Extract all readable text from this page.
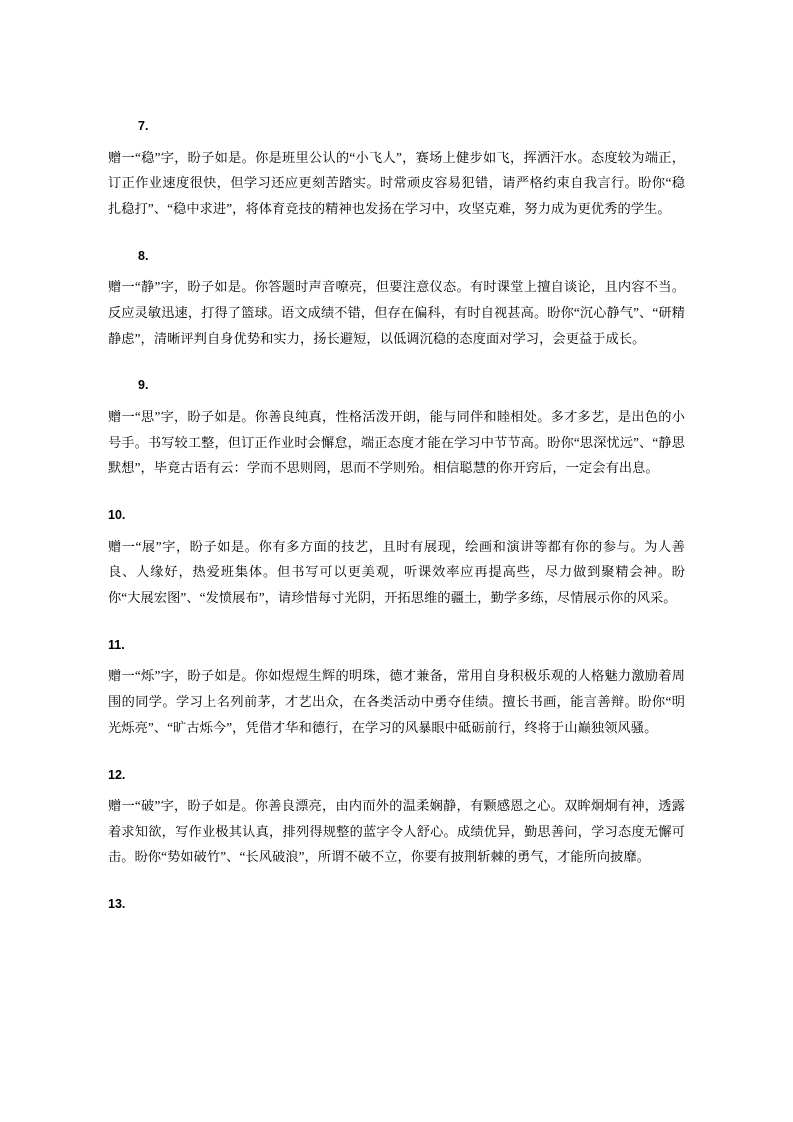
7.
赠一“稳”字，盼子如是。你是班里公认的“小飞人”，赛场上健步如飞，挥洒汗水。态度较为端正，订正作业速度很快，但学习还应更刻苦踏实。时常顽皮容易犯错，请严格约束自我言行。盼你“稳扎稳打”、“稳中求进”，将体育竞技的精神也发扬在学习中，攻坚克难，努力成为更优秀的学生。
8.
赠一“静”字，盼子如是。你答题时声音嘹亮，但要注意仪态。有时课堂上擅自谈论，且内容不当。反应灵敏迅速，打得了篮球。语文成绩不错，但存在偏科，有时自视甚高。盼你“沉心静气”、“研精静虑”，清晰评判自身优势和实力，扬长避短，以低调沉稳的态度面对学习，会更益于成长。
9.
赠一“思”字，盼子如是。你善良纯真，性格活泼开朗，能与同伴和睦相处。多才多艺，是出色的小号手。书写较工整，但订正作业时会懈怠，端正态度才能在学习中节节高。盼你“思深忧远”、“静思默想”，毕竟古语有云：学而不思则罔，思而不学则殆。相信聪慧的你开窍后，一定会有出息。
10.
赠一“展”字，盼子如是。你有多方面的技艺，且时有展现，绘画和演讲等都有你的参与。为人善良、人缘好，热爱班集体。但书写可以更美观，听课效率应再提高些，尽力做到聚精会神。盼你“大展宏图”、“发愤展布”，请珍惜每寸光阴，开拓思维的疆土，勤学多练，尽情展示你的风采。
11.
赠一“烁”字，盼子如是。你如煜煜生辉的明珠，德才兼备，常用自身积极乐观的人格魅力激励着周围的同学。学习上名列前茅，才艺出众，在各类活动中勇夺佳绩。擅长书画，能言善辩。盼你“明光烁亮”、“旷古烁今”，凭借才华和德行，在学习的风暴眼中砥砺前行，终将于山巅独领风骚。
12.
赠一“破”字，盼子如是。你善良漂亮，由内而外的温柔娴静，有颗感恩之心。双眸炯炯有神，透露着求知欲，写作业极其认真，排列得规整的蓝字令人舒心。成绩优异，勤思善问，学习态度无懈可击。盼你“势如破竹”、“长风破浪”，所谓不破不立，你要有披荆斩棘的勇气，才能所向披靡。
13.
